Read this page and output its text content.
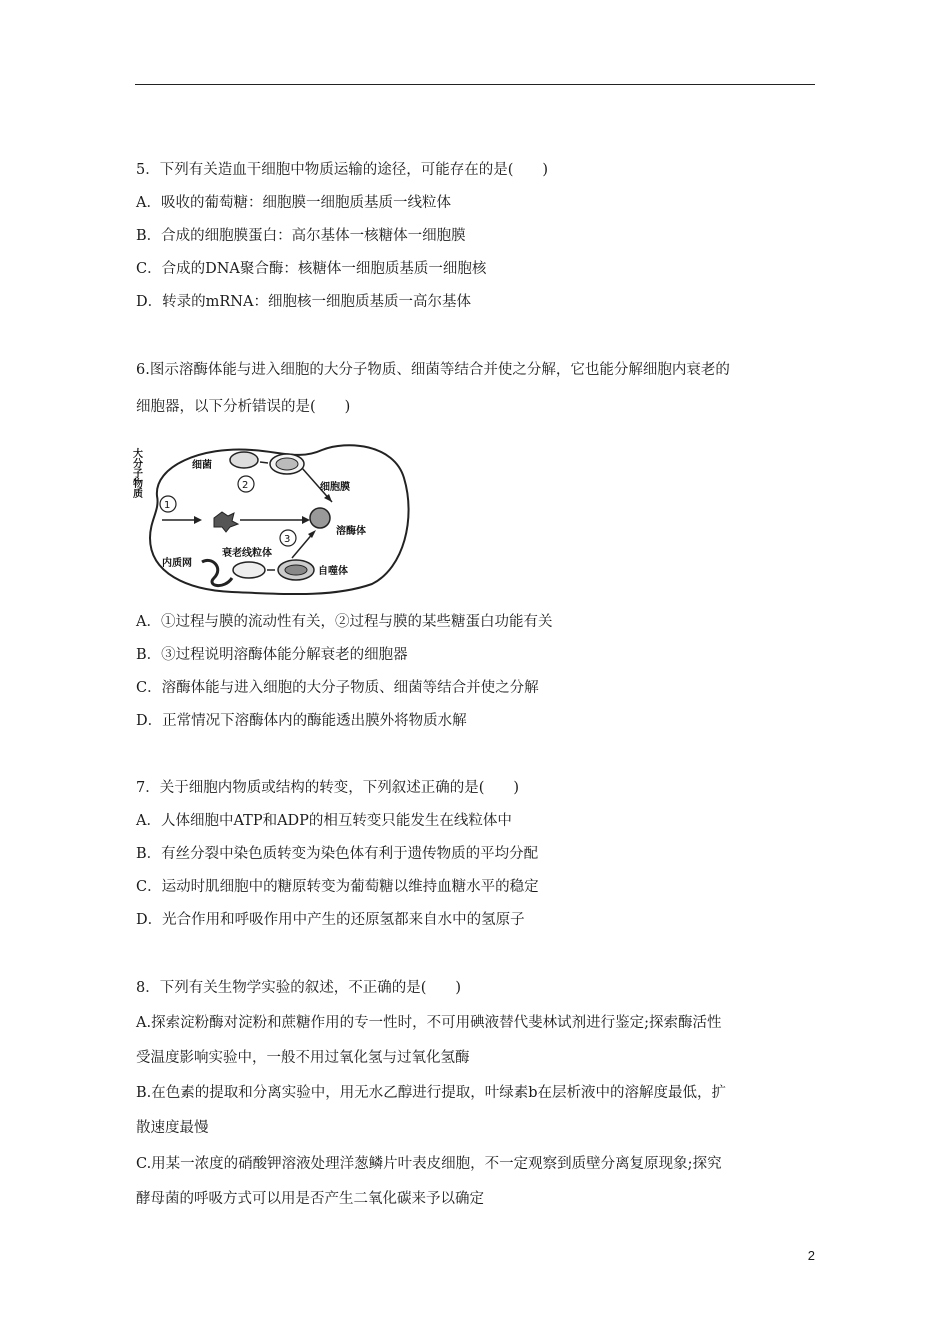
5．下列有关造血干细胞中物质运输的途径，可能存在的是(　　)
A．吸收的葡萄糖：细胞膜一细胞质基质一线粒体
B．合成的细胞膜蛋白：高尔基体一核糖体一细胞膜
C．合成的DNA聚合酶：核糖体一细胞质基质一细胞核
D．转录的mRNA：细胞核一细胞质基质一高尔基体
6.图示溶酶体能与进入细胞的大分子物质、细菌等结合并使之分解，它也能分解细胞内衰老的
细胞器，以下分析错误的是(　　)
大分子物质	细菌
2	细胞膜
1
溶酶体
3
衰老线粒体
内质网
自噬体
A．①过程与膜的流动性有关，②过程与膜的某些糖蛋白功能有关
B．③过程说明溶酶体能分解衰老的细胞器
C．溶酶体能与进入细胞的大分子物质、细菌等结合并使之分解
D．正常情况下溶酶体内的酶能透出膜外将物质水解
7．关于细胞内物质或结构的转变，下列叙述正确的是(　　)
A．人体细胞中ATP和ADP的相互转变只能发生在线粒体中
B．有丝分裂中染色质转变为染色体有利于遗传物质的平均分配
C．运动时肌细胞中的糖原转变为葡萄糖以维持血糖水平的稳定
D．光合作用和呼吸作用中产生的还原氢都来自水中的氢原子
8．下列有关生物学实验的叙述，不正确的是(　　)
A.探索淀粉酶对淀粉和蔗糖作用的专一性时，不可用碘液替代斐林试剂进行鉴定;探索酶活性
受温度影响实验中，一般不用过氧化氢与过氧化氢酶
B.在色素的提取和分离实验中，用无水乙醇进行提取，叶绿素b在层析液中的溶解度最低，扩
散速度最慢
C.用某一浓度的硝酸钾溶液处理洋葱鳞片叶表皮细胞，不一定观察到质壁分离复原现象;探究
酵母菌的呼吸方式可以用是否产生二氧化碳来予以确定
2
